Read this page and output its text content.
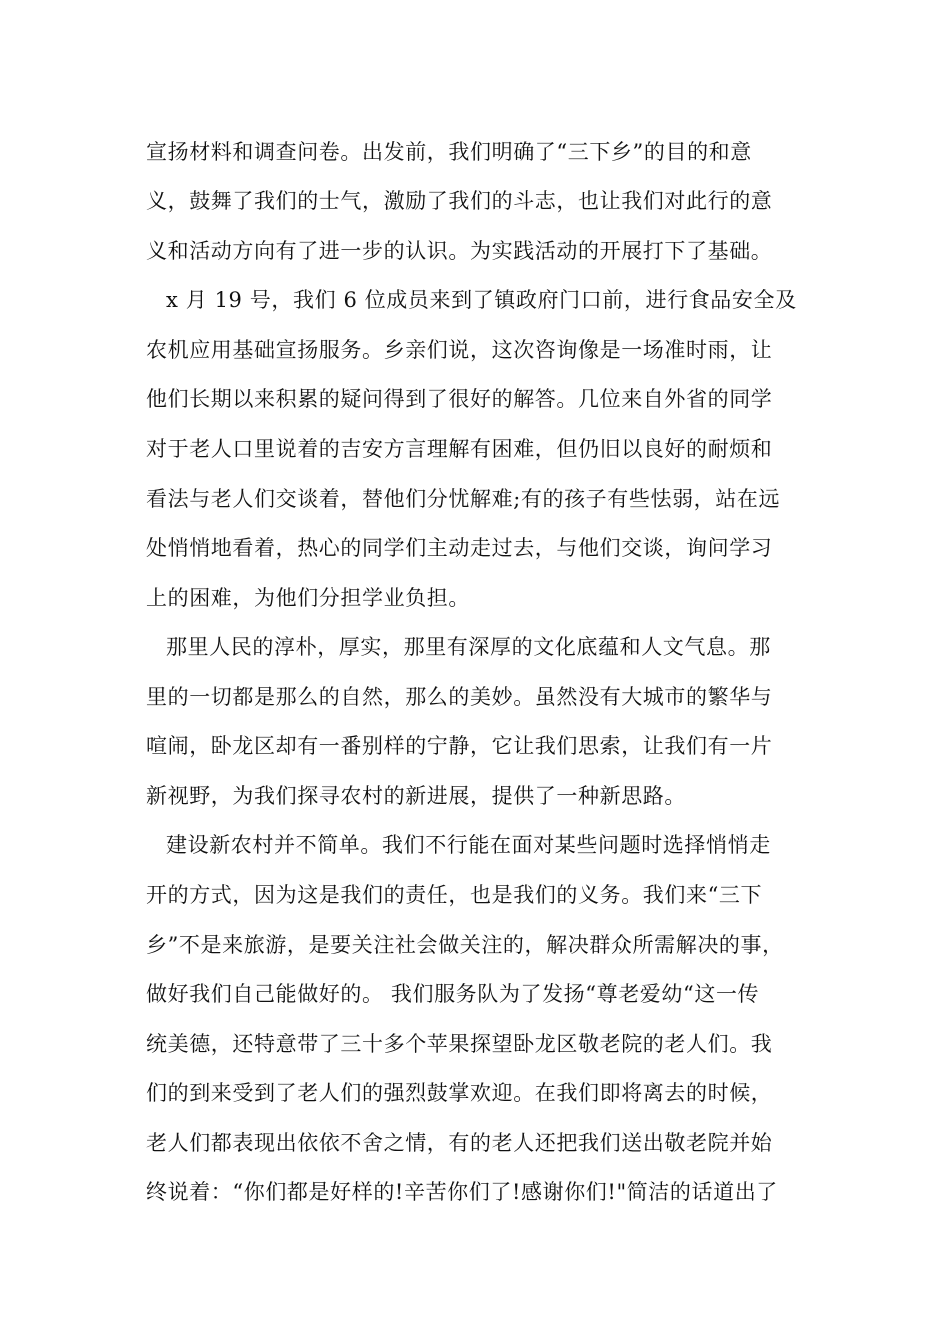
宣扬材料和调查问卷。出发前，我们明确了“三下乡”的目的和意
义，鼓舞了我们的士气，激励了我们的斗志，也让我们对此行的意
义和活动方向有了进一步的认识。为实践活动的开展打下了基础。
x 月 19 号，我们 6 位成员来到了镇政府门口前，进行食品安全及
农机应用基础宣扬服务。乡亲们说，这次咨询像是一场准时雨，让
他们长期以来积累的疑问得到了很好的解答。几位来自外省的同学
对于老人口里说着的吉安方言理解有困难，但仍旧以良好的耐烦和
看法与老人们交谈着，替他们分忧解难;有的孩子有些怯弱，站在远
处悄悄地看着，热心的同学们主动走过去，与他们交谈，询问学习
上的困难，为他们分担学业负担。
那里人民的淳朴，厚实，那里有深厚的文化底蕴和人文气息。那
里的一切都是那么的自然，那么的美妙。虽然没有大城市的繁华与
喧闹，卧龙区却有一番别样的宁静，它让我们思索，让我们有一片
新视野，为我们探寻农村的新进展，提供了一种新思路。
建设新农村并不简单。我们不行能在面对某些问题时选择悄悄走
开的方式，因为这是我们的责任，也是我们的义务。我们来“三下
乡”不是来旅游，是要关注社会做关注的，解决群众所需解决的事，
做好我们自己能做好的。 我们服务队为了发扬“尊老爱幼“这一传
统美德，还特意带了三十多个苹果探望卧龙区敬老院的老人们。我
们的到来受到了老人们的强烈鼓掌欢迎。在我们即将离去的时候，
老人们都表现出依依不舍之情，有的老人还把我们送出敬老院并始
终说着：“你们都是好样的!辛苦你们了!感谢你们!"简洁的话道出了
